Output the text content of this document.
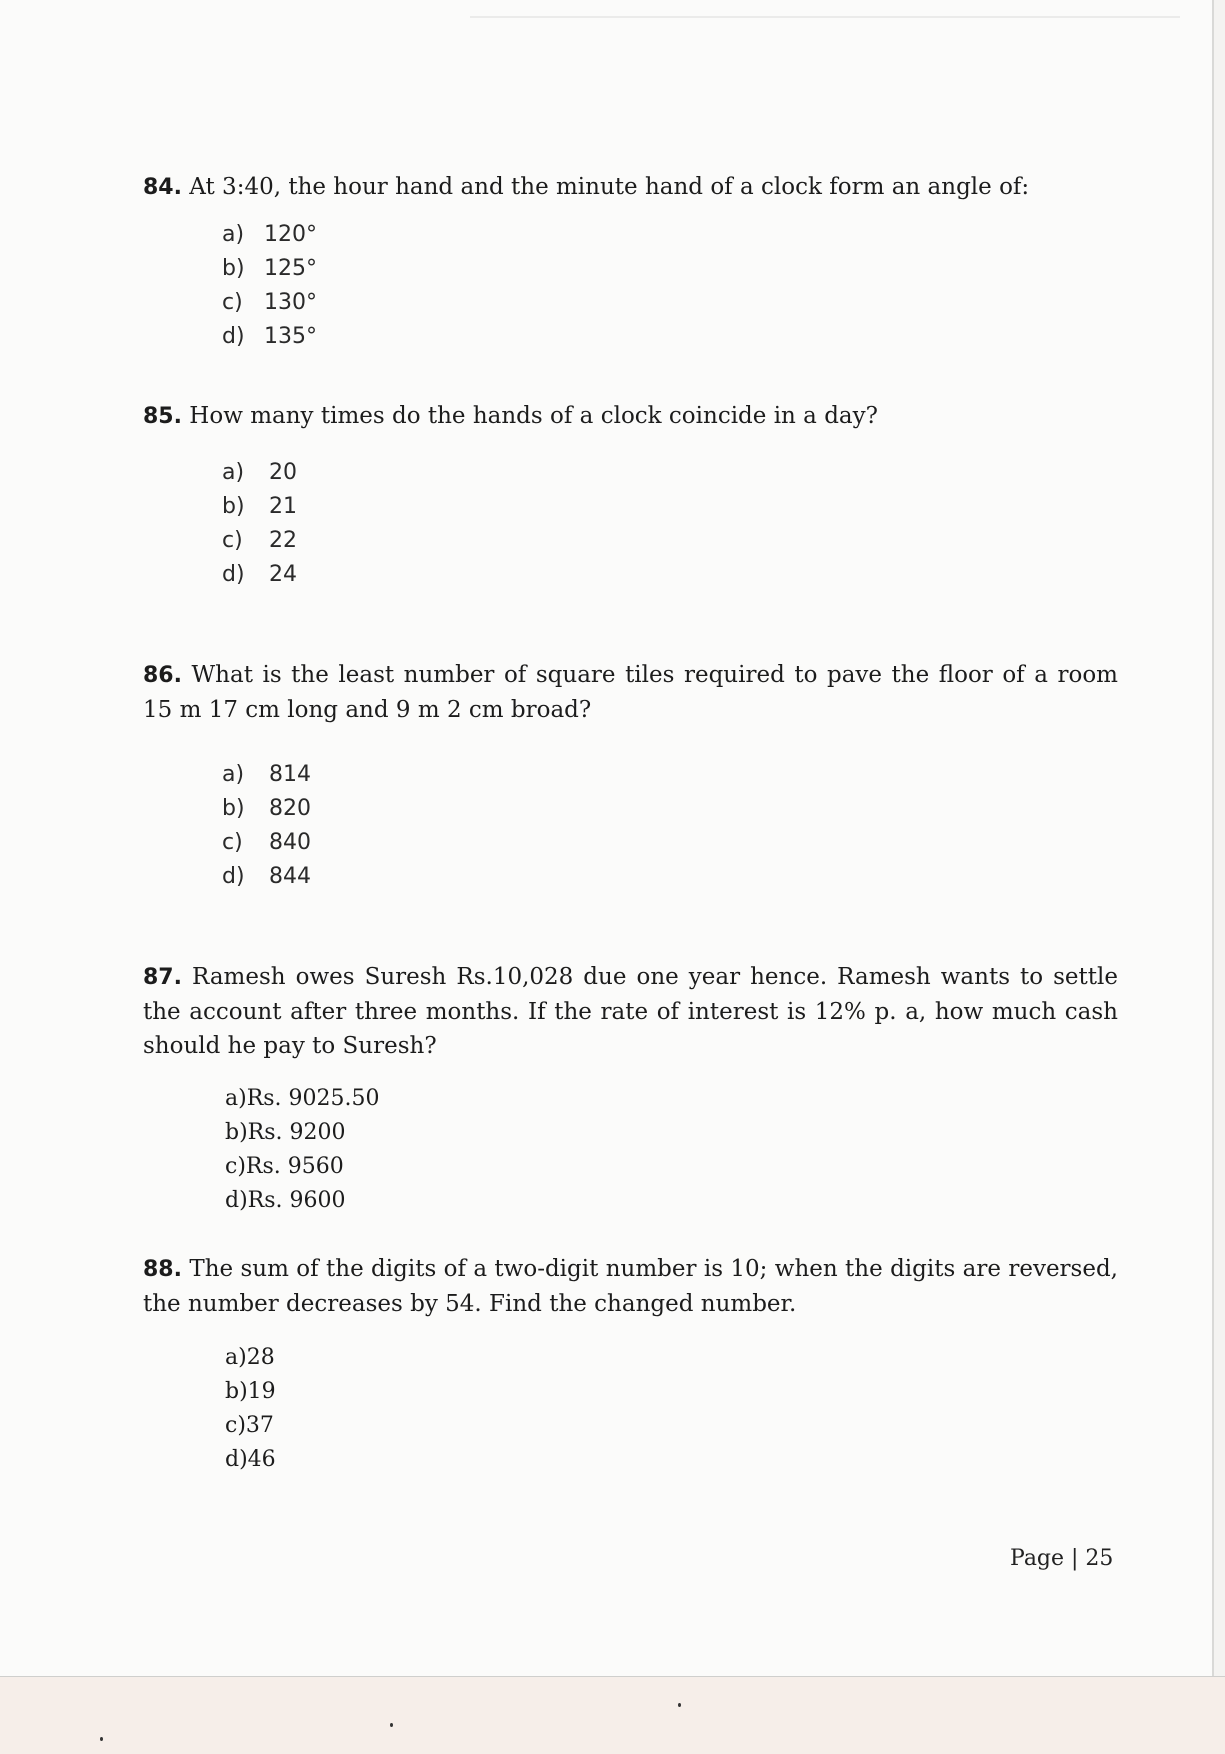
84. At 3:40, the hour hand and the minute hand of a clock form an angle of:

a) 120°
b) 125°
c) 130°
d) 135°

85. How many times do the hands of a clock coincide in a day?

a) 20
b) 21
c) 22
d) 24

86. What is the least number of square tiles required to pave the floor of a room 15 m 17 cm long and 9 m 2 cm broad?

a) 814
b) 820
c) 840
d) 844

87. Ramesh owes Suresh Rs.10,028 due one year hence. Ramesh wants to settle the account after three months. If the rate of interest is 12% p. a, how much cash should he pay to Suresh?

a)Rs. 9025.50
b)Rs. 9200
c)Rs. 9560
d)Rs. 9600

88. The sum of the digits of a two-digit number is 10; when the digits are reversed, the number decreases by 54. Find the changed number.

a)28
b)19
c)37
d)46
Page | 25
